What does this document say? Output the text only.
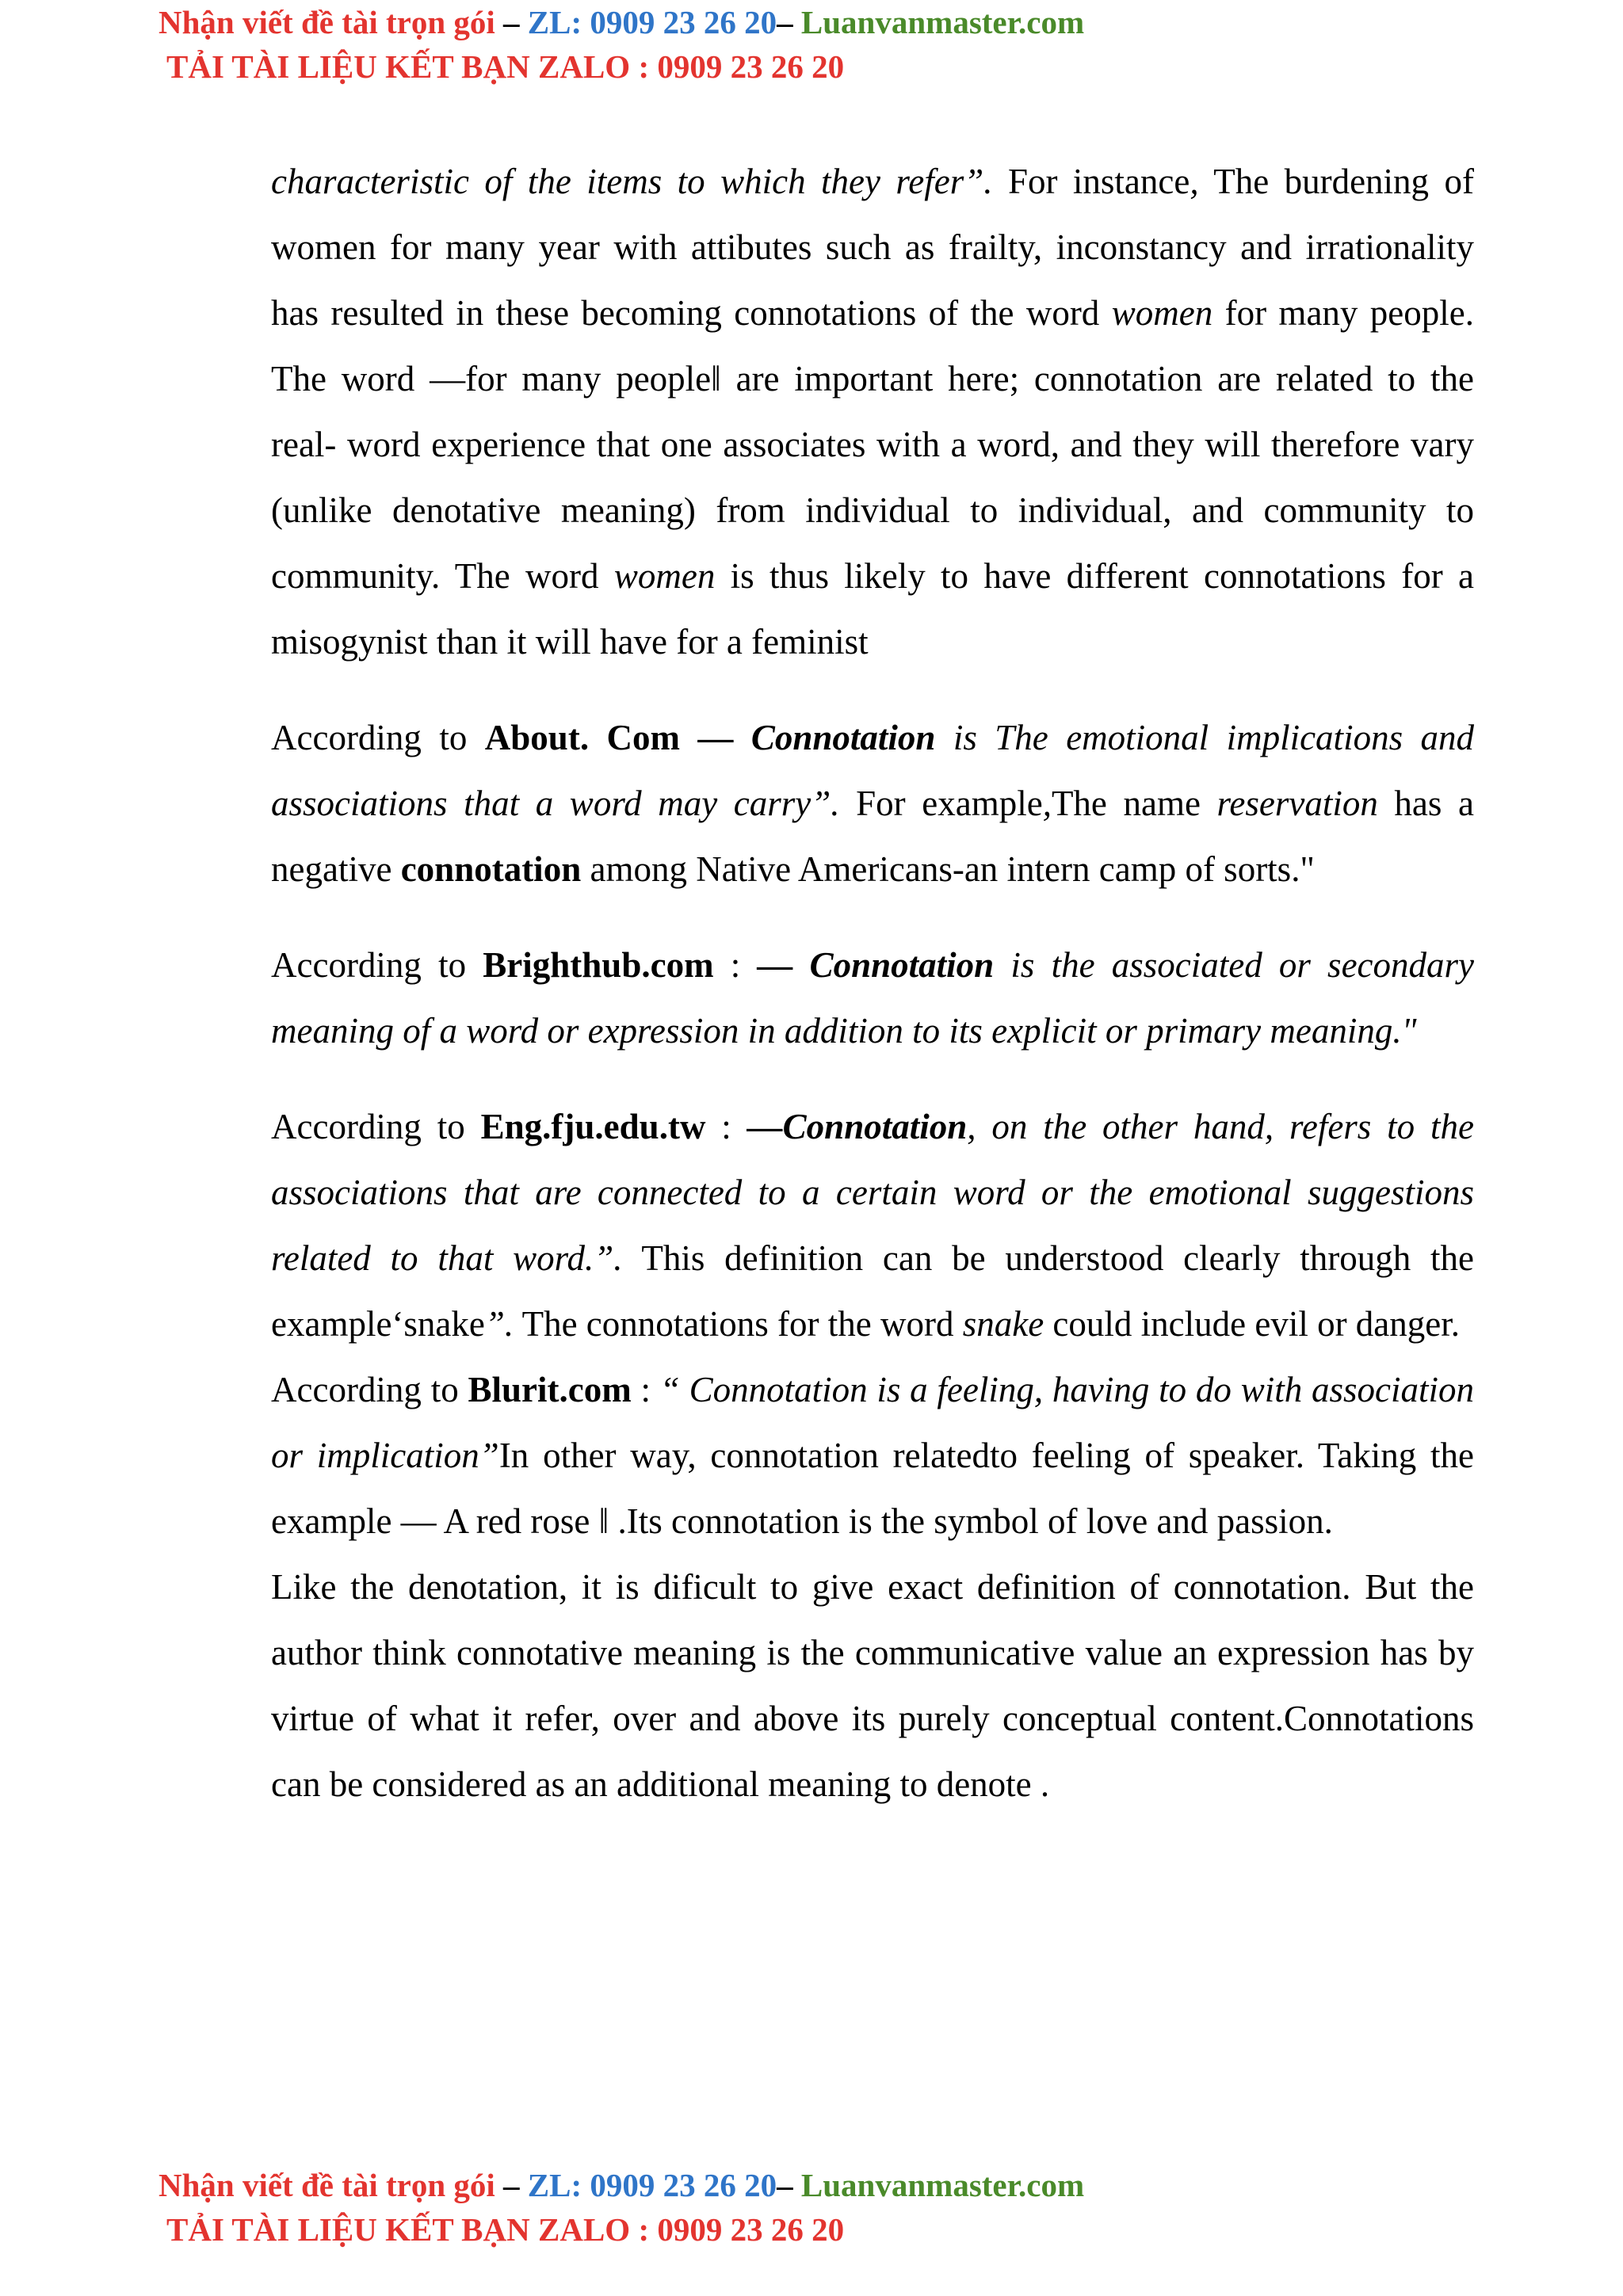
Nhận viết đề tài trọn gói – ZL: 0909 23 26 20– Luanvanmaster.com
TẢI TÀI LIỆU KẾT BẠN ZALO : 0909 23 26 20

characteristic of the items to which they refer”. For instance, The burdening of women for many year with attibutes such as frailty, inconstancy and irrationality has resulted in these becoming connotations of the word women for many people. The word ―for many people‖ are important here; connotation are related to the real- word experience that one associates with a word, and they will therefore vary (unlike denotative meaning) from individual to individual, and community to community. The word women is thus likely to have different connotations for a misogynist than it will have for a feminist

According to About. Com ― Connotation is The emotional implications and associations that a word may carry”. For example,The name reservation has a negative connotation among Native Americans-an intern camp of sorts."

According to Brighthub.com : ― Connotation is the associated or secondary meaning of a word or expression in addition to its explicit or primary meaning."

According to Eng.fju.edu.tw : ―Connotation, on the other hand, refers to the associations that are connected to a certain word or the emotional suggestions related to that word.”. This definition can be understood clearly through the example‘snake”. The connotations for the word snake could include evil or danger.

According to Blurit.com : “ Connotation is a feeling, having to do with association or implication”In other way, connotation relatedto feeling of speaker. Taking the example ― A red rose ‖ .Its connotation is the symbol of love and passion.

Like the denotation, it is dificult to give exact definition of connotation. But the author think connotative meaning is the communicative value an expression has by virtue of what it refer, over and above its purely conceptual content.Connotations can be considered as an additional meaning to denote .

Nhận viết đề tài trọn gói – ZL: 0909 23 26 20– Luanvanmaster.com
TẢI TÀI LIỆU KẾT BẠN ZALO : 0909 23 26 20
